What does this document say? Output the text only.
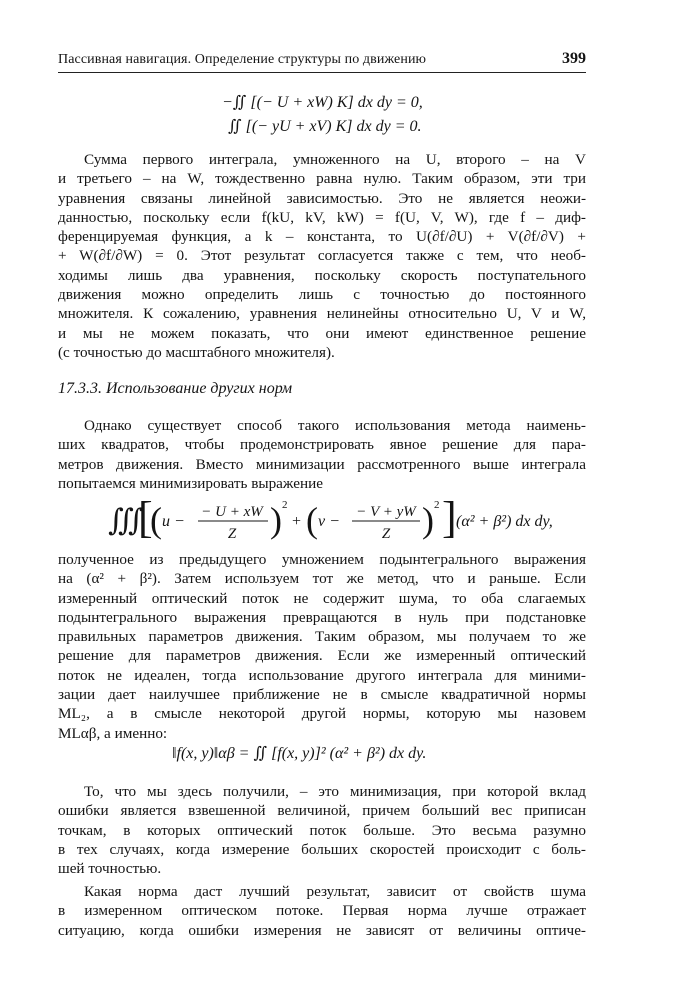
Пассивная навигация. Определение структуры по движению	399
−∬ [(− U + xW) K] dx dy = 0,
∬ [(− yU + xV) K] dx dy = 0.
Сумма первого интеграла, умноженного на U, второго – на V
и третьего – на W, тождественно равна нулю. Таким образом, эти три
уравнения связаны линейной зависимостью. Это не является неожи-
данностью, поскольку если f(kU, kV, kW) = f(U, V, W), где f – диф-
ференцируемая функция, а k – константа, то U(∂f/∂U) + V(∂f/∂V) +
+ W(∂f/∂W) = 0. Этот результат согласуется также с тем, что необ-
ходимы лишь два уравнения, поскольку скорость поступательного
движения можно определить лишь с точностью до постоянного
множителя. К сожалению, уравнения нелинейны относительно U, V и W,
и мы не можем показать, что они имеют единственное решение
(с точностью до масштабного множителя).
17.3.3. Использование других норм
Однако существует способ такого использования метода наимень-
ших квадратов, чтобы продемонстрировать явное решение для пара-
метров движения. Вместо минимизации рассмотренного выше интеграла
попытаемся минимизировать выражение
∭
[
( u −
− U + xW
Z ) 2
+ ( v −
− V + yW
Z ) 2 ] (α² + β²) dx dy,
полученное из предыдущего умножением подынтегрального выражения
на (α² + β²). Затем используем тот же метод, что и раньше. Если
измеренный оптический поток не содержит шума, то оба слагаемых
подынтегрального выражения превращаются в нуль при подстановке
правильных параметров движения. Таким образом, мы получаем то же
решение для параметров движения. Если же измеренный оптический
поток не идеален, тогда использование другого интеграла для миними-
зации дает наилучшее приближение не в смысле квадратичной нормы
ML₂, а в смысле некоторой другой нормы, которую мы назовем
MLαβ, а именно:
‖f(x, y)‖αβ = ∬ [f(x, y)]² (α² + β²) dx dy.
То, что мы здесь получили, – это минимизация, при которой вклад
ошибки является взвешенной величиной, причем больший вес приписан
точкам, в которых оптический поток больше. Это весьма разумно
в тех случаях, когда измерение больших скоростей происходит с боль-
шей точностью.
Какая норма даст лучший результат, зависит от свойств шума
в измеренном оптическом потоке. Первая норма лучше отражает
ситуацию, когда ошибки измерения не зависят от величины оптиче-
